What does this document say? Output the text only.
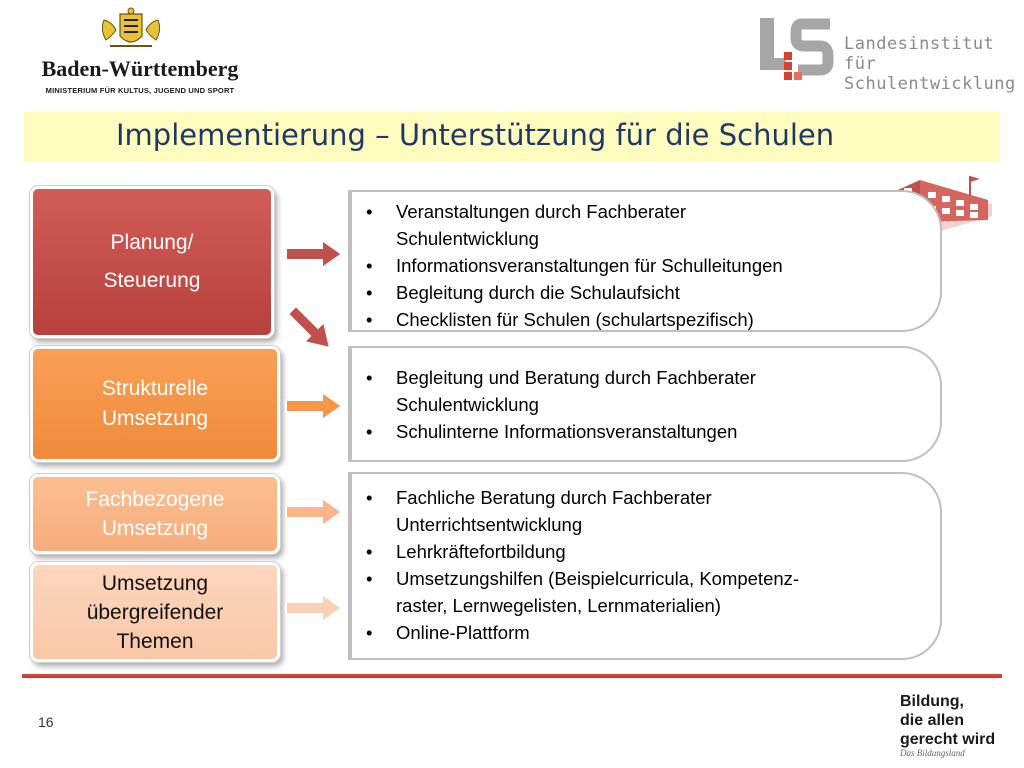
Baden-Württemberg
MINISTERIUM FÜR KULTUS, JUGEND UND SPORT
Landesinstitut
für Schulentwicklung
Implementierung – Unterstützung für die Schulen
Planung/
Steuerung
Strukturelle
Umsetzung
Fachbezogene
Umsetzung
Umsetzung
übergreifender
Themen
• Veranstaltungen durch Fachberater
Schulentwicklung
• Informationsveranstaltungen für Schulleitungen
• Begleitung durch die Schulaufsicht
• Checklisten für Schulen (schulartspezifisch)
• Begleitung und Beratung durch Fachberater
Schulentwicklung
• Schulinterne Informationsveranstaltungen
• Fachliche Beratung durch Fachberater
Unterrichtsentwicklung
• Lehrkräftefortbildung
• Umsetzungshilfen (Beispielcurricula, Kompetenz-
raster, Lernwegelisten, Lernmaterialien)
• Online-Plattform
16
Bildung,
die allen
gerecht wird
Das Bildungsland
